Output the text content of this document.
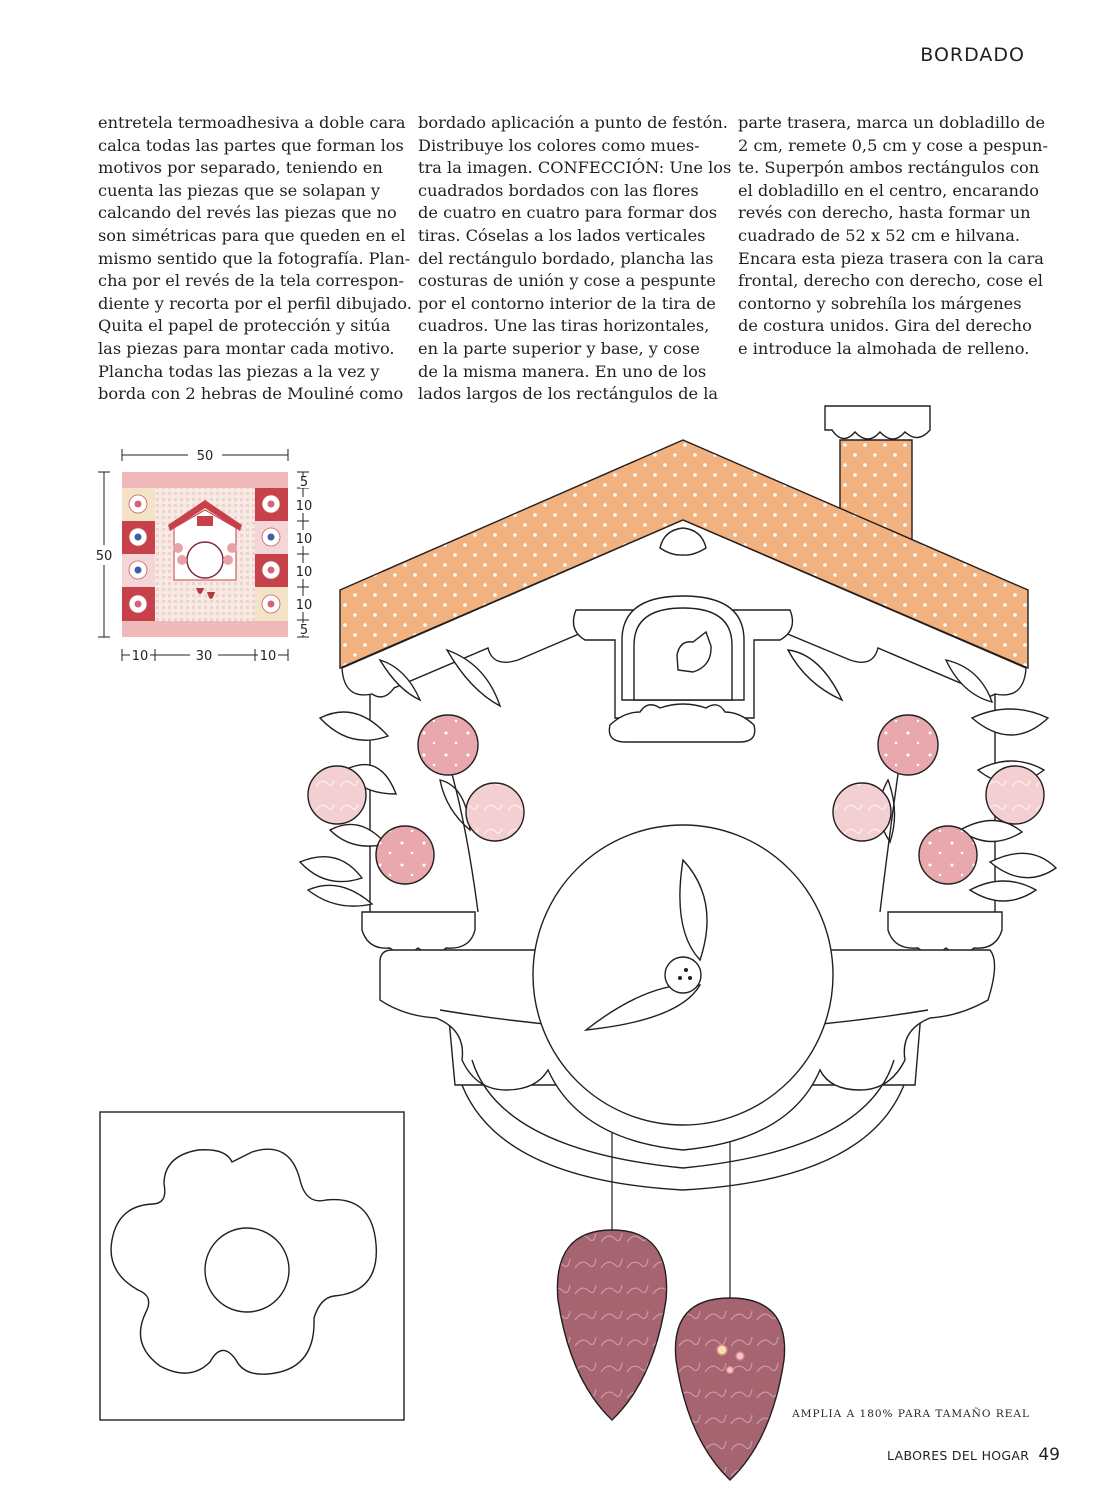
BORDADO
entretela termoadhesiva a doble cara
calca todas las partes que forman los
motivos por separado, teniendo en
cuenta las piezas que se solapan y
calcando del revés las piezas que no
son simétricas para que queden en el
mismo sentido que la fotografía. Plan-
cha por el revés de la tela correspon-
diente y recorta por el perfil dibujado.
Quita el papel de protección y sitúa
las piezas para montar cada motivo.
Plancha todas las piezas a la vez y
borda con 2 hebras de Mouliné como
bordado aplicación a punto de festón.
Distribuye los colores como mues-
tra la imagen. CONFECCIÓN: Une los
cuadrados bordados con las flores
de cuatro en cuatro para formar dos
tiras. Cóselas a los lados verticales
del rectángulo bordado, plancha las
costuras de unión y cose a pespunte
por el contorno interior de la tira de
cuadros. Une las tiras horizontales,
en la parte superior y base, y cose
de la misma manera. En uno de los
lados largos de los rectángulos de la
parte trasera, marca un dobladillo de
2 cm, remete 0,5 cm y cose a pespun-
te. Superpón ambos rectángulos con
el dobladillo en el centro, encarando
revés con derecho, hasta formar un
cuadrado de 52 x 52 cm e hilvana.
Encara esta pieza trasera con la cara
frontal, derecho con derecho, cose el
contorno y sobrehíla los márgenes
de costura unidos. Gira del derecho
e introduce la almohada de relleno.
50
50
5
10
10
10
10
5
10	30	10
AMPLIA A 180% PARA TAMAÑO REAL
LABORES DEL HOGAR 49
